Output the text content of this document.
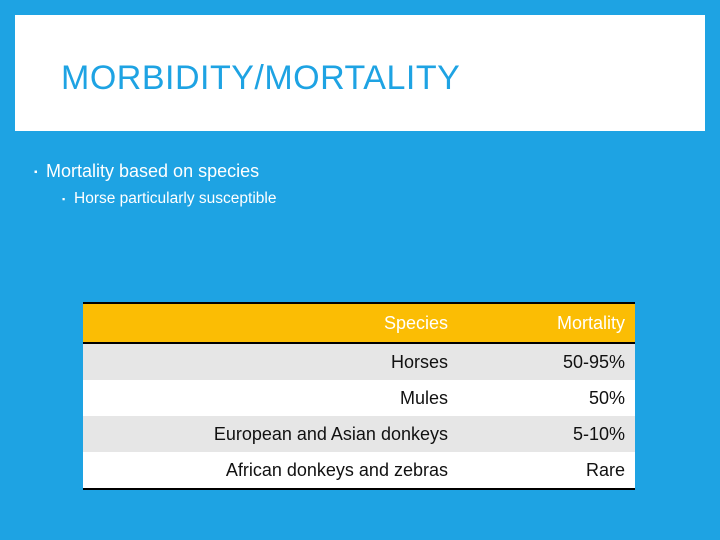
MORBIDITY/MORTALITY
▪ Mortality based on species
▪ Horse particularly susceptible
Species	Mortality
Horses	50-95%
Mules	50%
European and Asian donkeys	5-10%
African donkeys and zebras	Rare
